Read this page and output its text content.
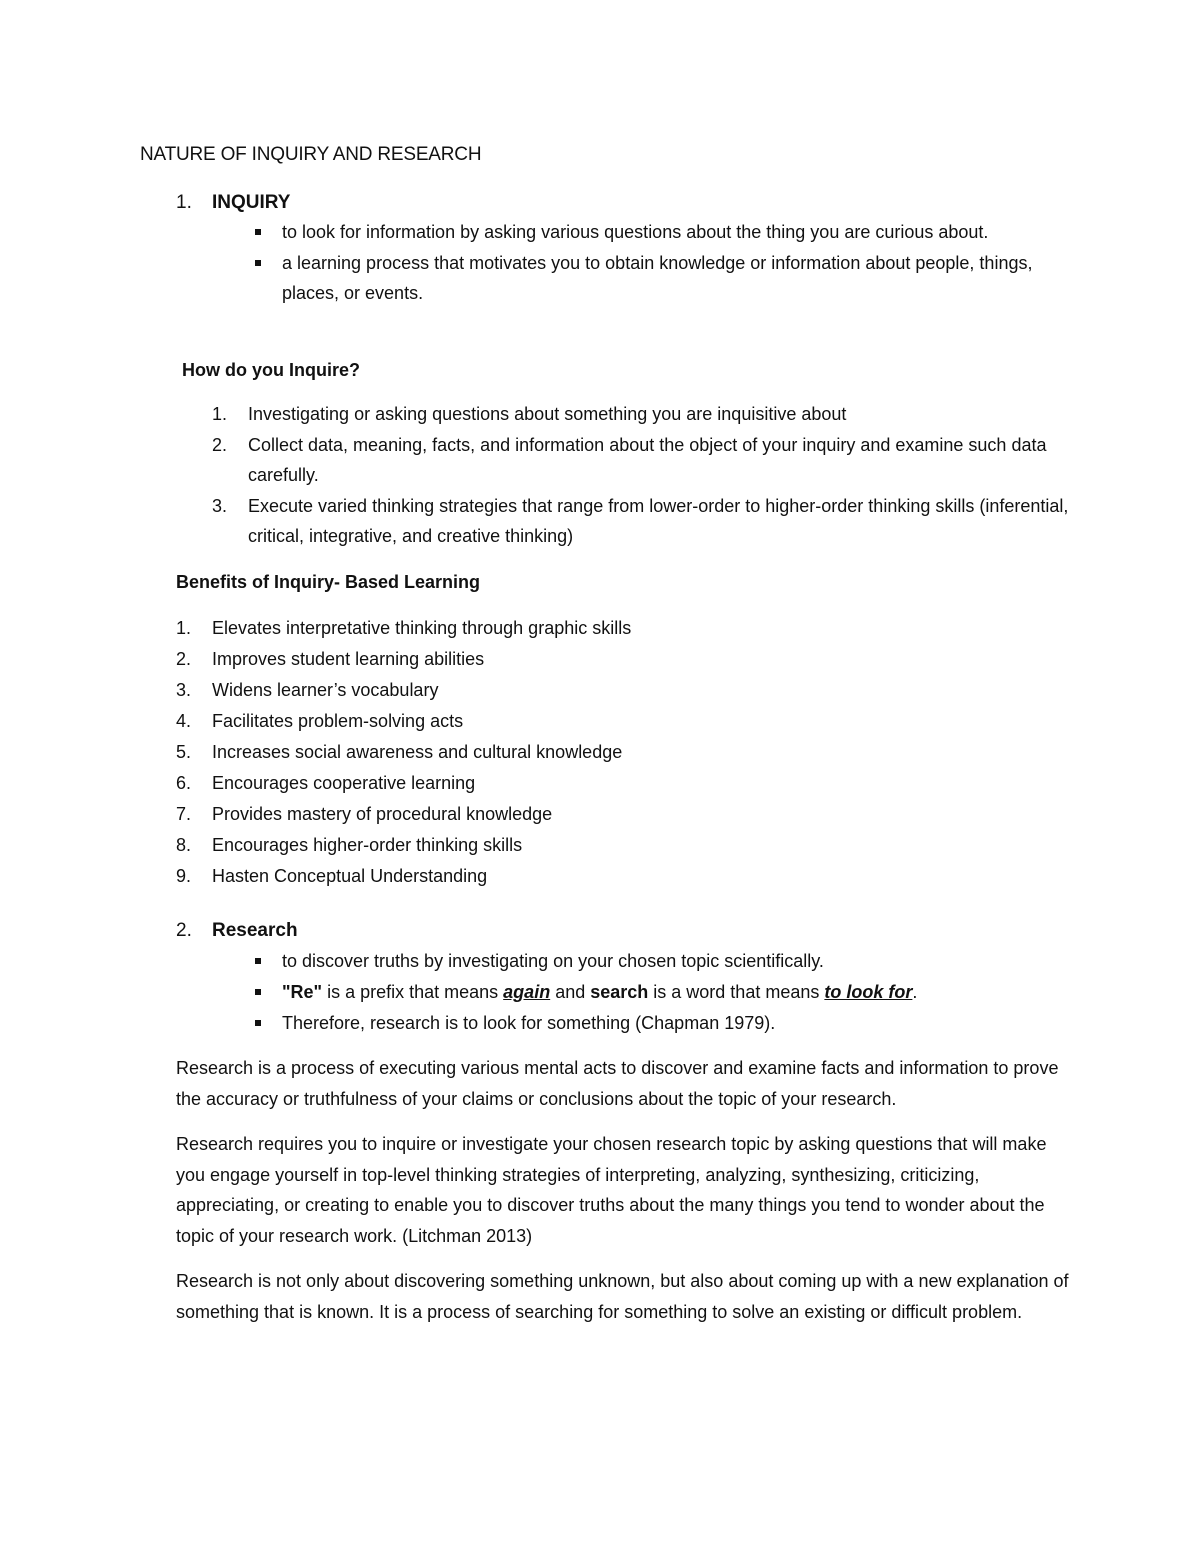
NATURE OF INQUIRY AND RESEARCH
1. INQUIRY
to look for information by asking various questions about the thing you are curious about.
a learning process that motivates you to obtain knowledge or information about people, things, places, or events.
How do you Inquire?
1. Investigating or asking questions about something you are inquisitive about
2. Collect data, meaning, facts, and information about the object of your inquiry and examine such data carefully.
3. Execute varied thinking strategies that range from lower-order to higher-order thinking skills (inferential, critical, integrative, and creative thinking)
Benefits of Inquiry- Based Learning
1. Elevates interpretative thinking through graphic skills
2. Improves student learning abilities
3. Widens learner’s vocabulary
4. Facilitates problem-solving acts
5. Increases social awareness and cultural knowledge
6. Encourages cooperative learning
7. Provides mastery of procedural knowledge
8. Encourages higher-order thinking skills
9. Hasten Conceptual Understanding
2. Research
to discover truths by investigating on your chosen topic scientifically.
"Re" is a prefix that means again and search is a word that means to look for.
Therefore, research is to look for something (Chapman 1979).

Research is a process of executing various mental acts to discover and examine facts and information to prove the accuracy or truthfulness of your claims or conclusions about the topic of your research.

Research requires you to inquire or investigate your chosen research topic by asking questions that will make you engage yourself in top-level thinking strategies of interpreting, analyzing, synthesizing, criticizing, appreciating, or creating to enable you to discover truths about the many things you tend to wonder about the topic of your research work. (Litchman 2013)

Research is not only about discovering something unknown, but also about coming up with a new explanation of something that is known. It is a process of searching for something to solve an existing or difficult problem.
